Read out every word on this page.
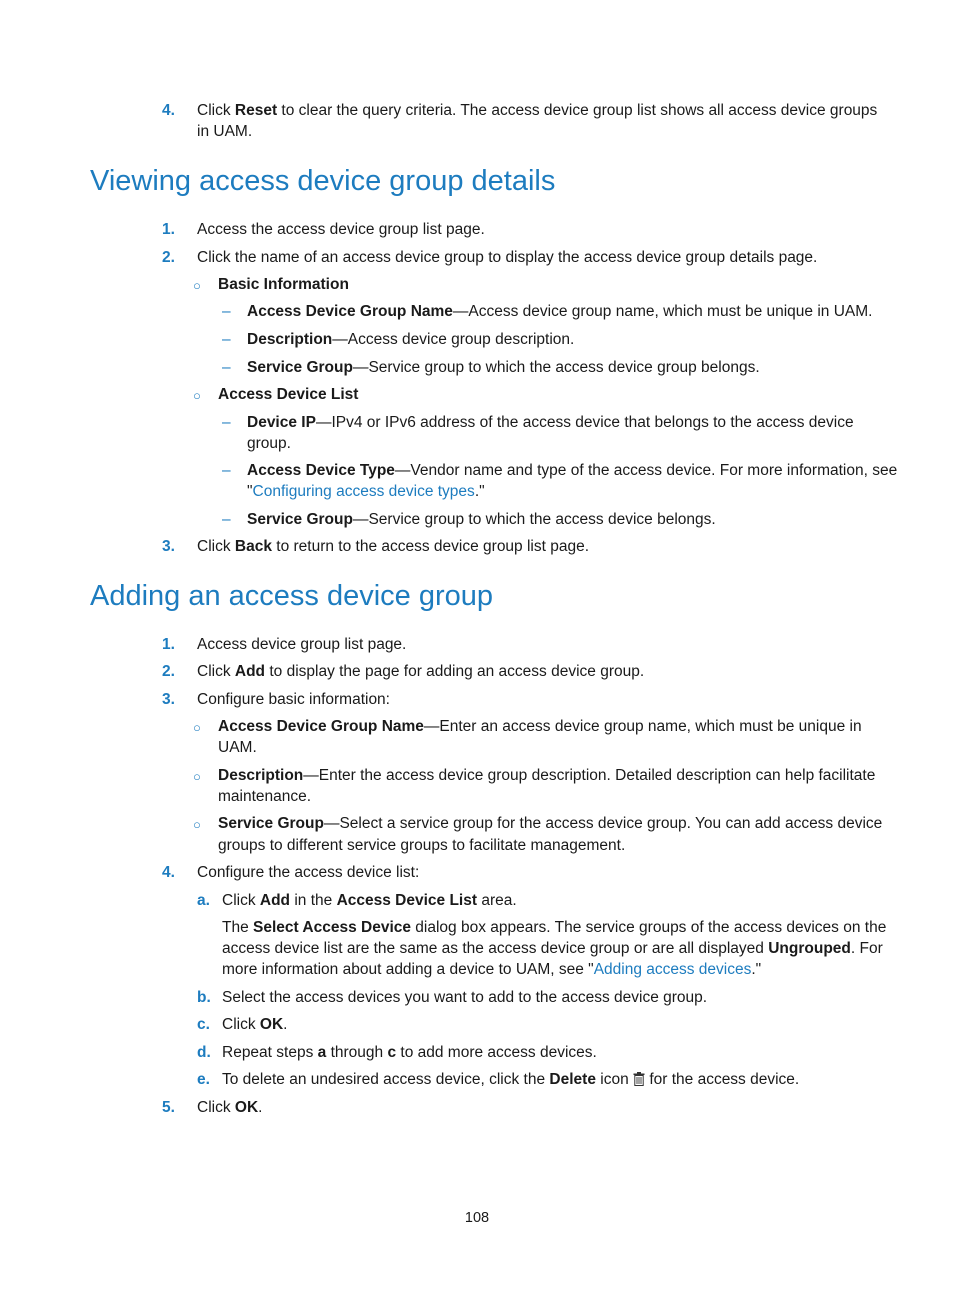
4. Click Reset to clear the query criteria. The access device group list shows all access device groups
in UAM.
Viewing access device group details
1. Access the access device group list page.
2. Click the name of an access device group to display the access device group details page.
○ Basic Information
– Access Device Group Name—Access device group name, which must be unique in UAM.
– Description—Access device group description.
– Service Group—Service group to which the access device group belongs.
○ Access Device List
– Device IP—IPv4 or IPv6 address of the access device that belongs to the access device
group.
– Access Device Type—Vendor name and type of the access device. For more information, see
"Configuring access device types."
– Service Group—Service group to which the access device belongs.
3. Click Back to return to the access device group list page.
Adding an access device group
1. Access device group list page.
2. Click Add to display the page for adding an access device group.
3. Configure basic information:
○ Access Device Group Name—Enter an access device group name, which must be unique in
UAM.
○ Description—Enter the access device group description. Detailed description can help facilitate
maintenance.
○ Service Group—Select a service group for the access device group. You can add access device
groups to different service groups to facilitate management.
4. Configure the access device list:
a. Click Add in the Access Device List area.
The Select Access Device dialog box appears. The service groups of the access devices on the
access device list are the same as the access device group or are all displayed Ungrouped. For
more information about adding a device to UAM, see "Adding access devices."
b. Select the access devices you want to add to the access device group.
c. Click OK.
d. Repeat steps a through c to add more access devices.
e. To delete an undesired access device, click the Delete icon  for the access device.
5. Click OK.
108
